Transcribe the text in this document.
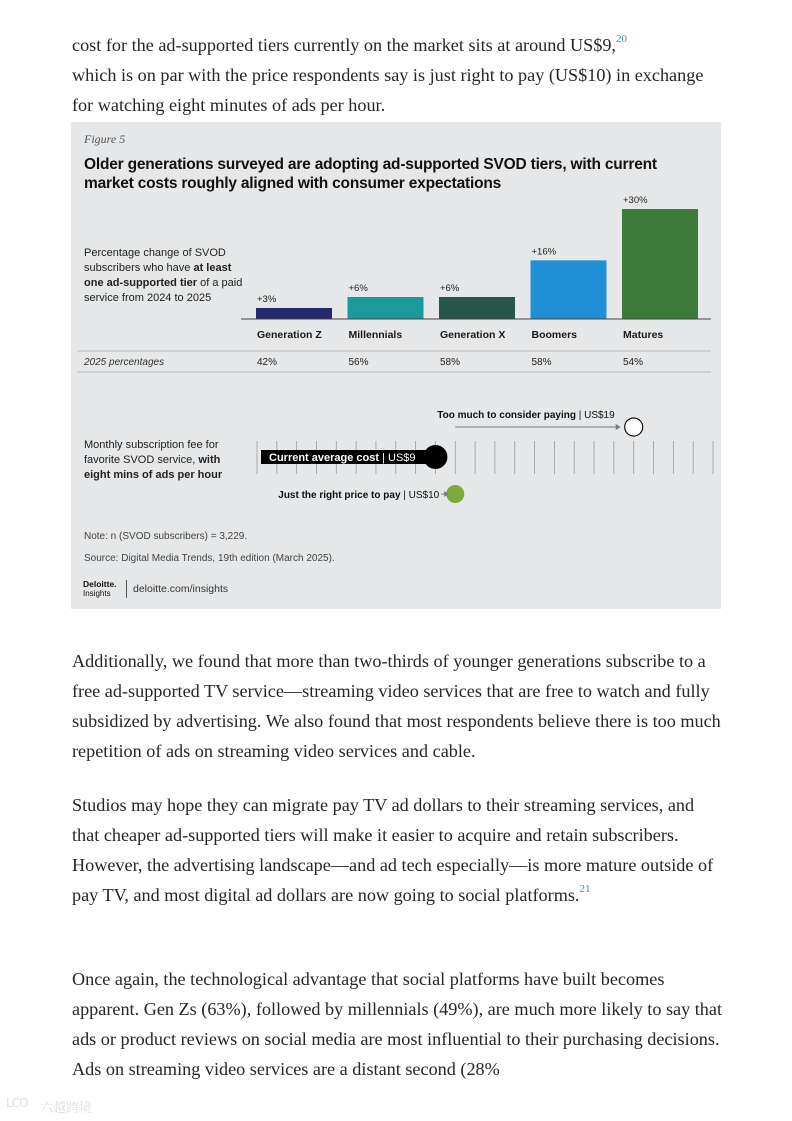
cost for the ad-supported tiers currently on the market sits at around US$9,20
which is on par with the price respondents say is just right to pay (US$10) in exchange for watching eight minutes of ads per hour.

Figure 5
Older generations surveyed are adopting ad-supported SVOD tiers, with current market costs roughly aligned with consumer expectations
Percentage change of SVOD subscribers who have at least one ad-supported tier of a paid service from 2024 to 2025
Monthly subscription fee for favorite SVOD service, with eight mins of ads per hour
2025 percentages
+3%
Generation Z
42%
+6%
Millennials
56%
+6%
Generation X
58%
+16%
Boomers
58%
+30%
Matures
54%
Current average cost | US$9
Just the right price to pay | US$10
Too much to consider paying | US$19
Note: n (SVOD subscribers) = 3,229.
Source: Digital Media Trends, 19th edition (March 2025).
Deloitte.
Insights	deloitte.com/insights

Additionally, we found that more than two-thirds of younger generations subscribe to a free ad-supported TV service—streaming video services that are free to watch and fully subsidized by advertising. We also found that most respondents believe there is too much repetition of ads on streaming video services and cable.

Studios may hope they can migrate pay TV ad dollars to their streaming services, and that cheaper ad-supported tiers will make it easier to acquire and retain subscribers. However, the advertising landscape—and ad tech especially—is more mature outside of pay TV, and most digital ad dollars are now going to social platforms.$^{21}$

Once again, the technological advantage that social platforms have built becomes apparent. Gen Zs (63%), followed by millennials (49%), are much more likely to say that ads or product reviews on social media are most influential to their purchasing decisions. Ads on streaming video services are a distant second (28%

LCO 六越跨境
